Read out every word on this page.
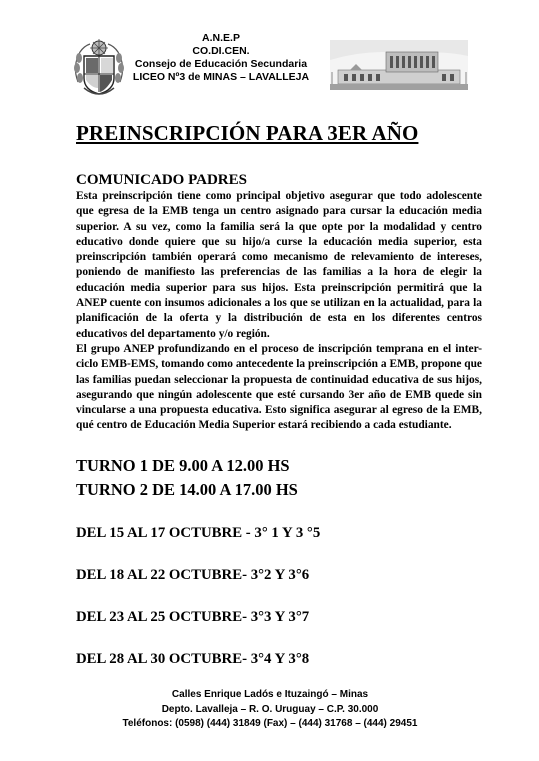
A.N.E.P
CO.DI.CEN.
Consejo de Educación Secundaria
LICEO Nº3 de MINAS – LAVALLEJA
PREINSCRIPCIÓN PARA 3ER AÑO
COMUNICADO PADRES

Esta preinscripción tiene como principal objetivo asegurar que todo adolescente que egresa de la EMB tenga un centro asignado para cursar la educación media superior. A su vez, como la familia será la que opte por la modalidad y centro educativo donde quiere que su hijo/a curse la educación media superior, esta preinscripción también operará como mecanismo de relevamiento de intereses, poniendo de manifiesto las preferencias de las familias a la hora de elegir la educación media superior para sus hijos. Esta preinscripción permitirá que la ANEP cuente con insumos adicionales a los que se utilizan en la actualidad, para la planificación de la oferta y la distribución de esta en los diferentes centros educativos del departamento y/o región.

El grupo ANEP profundizando en el proceso de inscripción temprana en el inter-ciclo EMB-EMS, tomando como antecedente la preinscripción a EMB, propone que las familias puedan seleccionar la propuesta de continuidad educativa de sus hijos, asegurando que ningún adolescente que esté cursando 3er año de EMB quede sin vincularse a una propuesta educativa. Esto significa asegurar al egreso de la EMB, qué centro de Educación Media Superior estará recibiendo a cada estudiante.

TURNO 1 DE 9.00 A 12.00 HS
TURNO 2 DE 14.00 A 17.00 HS
DEL 15 AL 17 OCTUBRE - 3° 1 Y 3 °5
DEL 18 AL 22 OCTUBRE- 3°2 Y 3°6
DEL 23 AL 25 OCTUBRE- 3°3 Y 3°7
DEL 28 AL 30 OCTUBRE- 3°4 Y 3°8
Calles Enrique Ladós e Ituzaingó – Minas
Depto. Lavalleja – R. O. Uruguay – C.P. 30.000
Teléfonos: (0598) (444) 31849 (Fax) – (444) 31768 – (444) 29451
